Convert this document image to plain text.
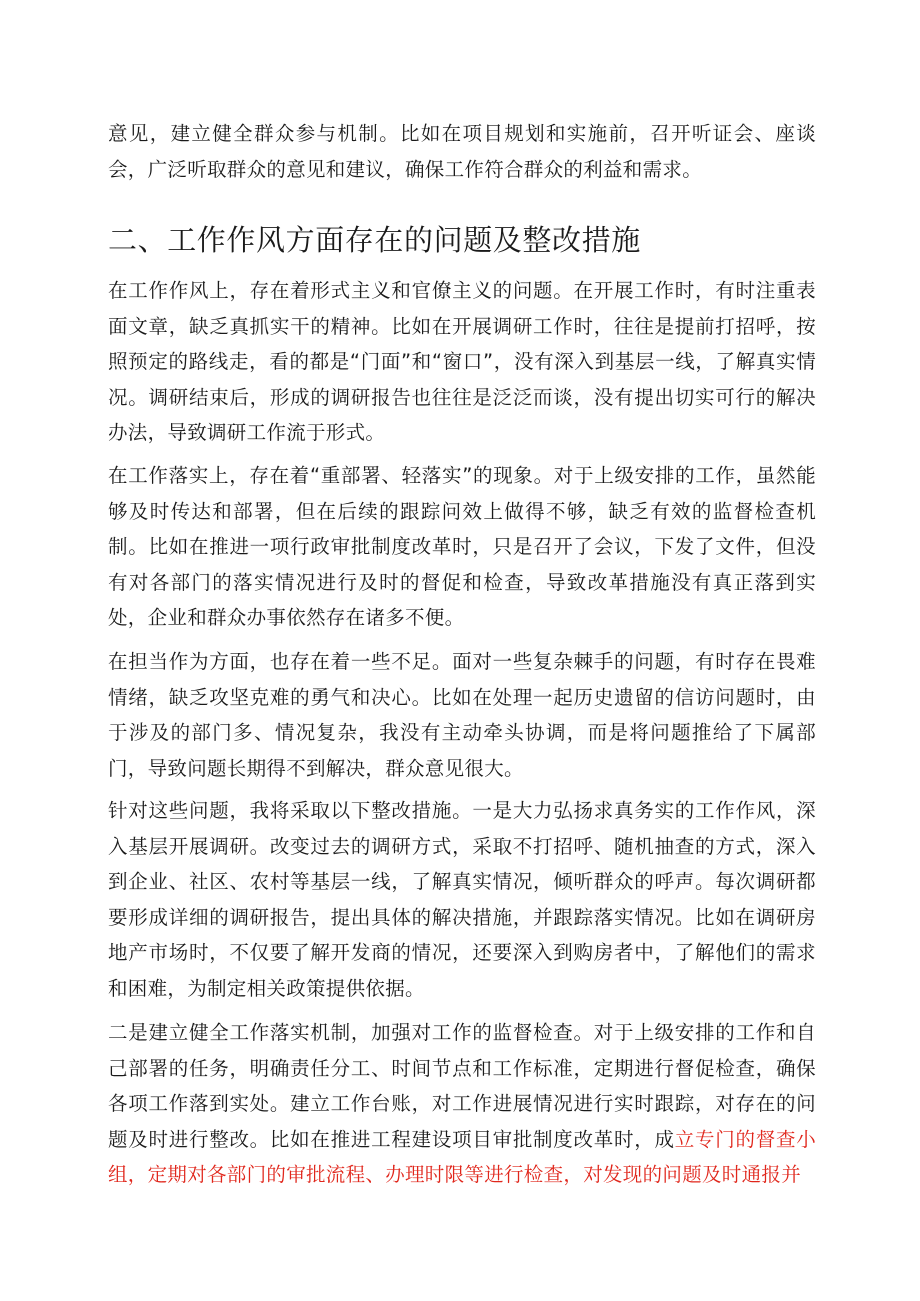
意见，建立健全群众参与机制。比如在项目规划和实施前，召开听证会、座谈会，广泛听取群众的意见和建议，确保工作符合群众的利益和需求。

二、工作作风方面存在的问题及整改措施

在工作作风上，存在着形式主义和官僚主义的问题。在开展工作时，有时注重表面文章，缺乏真抓实干的精神。比如在开展调研工作时，往往是提前打招呼，按照预定的路线走，看的都是“门面”和“窗口”，没有深入到基层一线，了解真实情况。调研结束后，形成的调研报告也往往是泛泛而谈，没有提出切实可行的解决办法，导致调研工作流于形式。

在工作落实上，存在着“重部署、轻落实”的现象。对于上级安排的工作，虽然能够及时传达和部署，但在后续的跟踪问效上做得不够，缺乏有效的监督检查机制。比如在推进一项行政审批制度改革时，只是召开了会议，下发了文件，但没有对各部门的落实情况进行及时的督促和检查，导致改革措施没有真正落到实处，企业和群众办事依然存在诸多不便。

在担当作为方面，也存在着一些不足。面对一些复杂棘手的问题，有时存在畏难情绪，缺乏攻坚克难的勇气和决心。比如在处理一起历史遗留的信访问题时，由于涉及的部门多、情况复杂，我没有主动牵头协调，而是将问题推给了下属部门，导致问题长期得不到解决，群众意见很大。

针对这些问题，我将采取以下整改措施。一是大力弘扬求真务实的工作作风，深入基层开展调研。改变过去的调研方式，采取不打招呼、随机抽查的方式，深入到企业、社区、农村等基层一线，了解真实情况，倾听群众的呼声。每次调研都要形成详细的调研报告，提出具体的解决措施，并跟踪落实情况。比如在调研房地产市场时，不仅要了解开发商的情况，还要深入到购房者中，了解他们的需求和困难，为制定相关政策提供依据。

二是建立健全工作落实机制，加强对工作的监督检查。对于上级安排的工作和自己部署的任务，明确责任分工、时间节点和工作标准，定期进行督促检查，确保各项工作落到实处。建立工作台账，对工作进展情况进行实时跟踪，对存在的问题及时进行整改。比如在推进工程建设项目审批制度改革时，成立专门的督查小组，定期对各部门的审批流程、办理时限等进行检查，对发现的问题及时通报并
